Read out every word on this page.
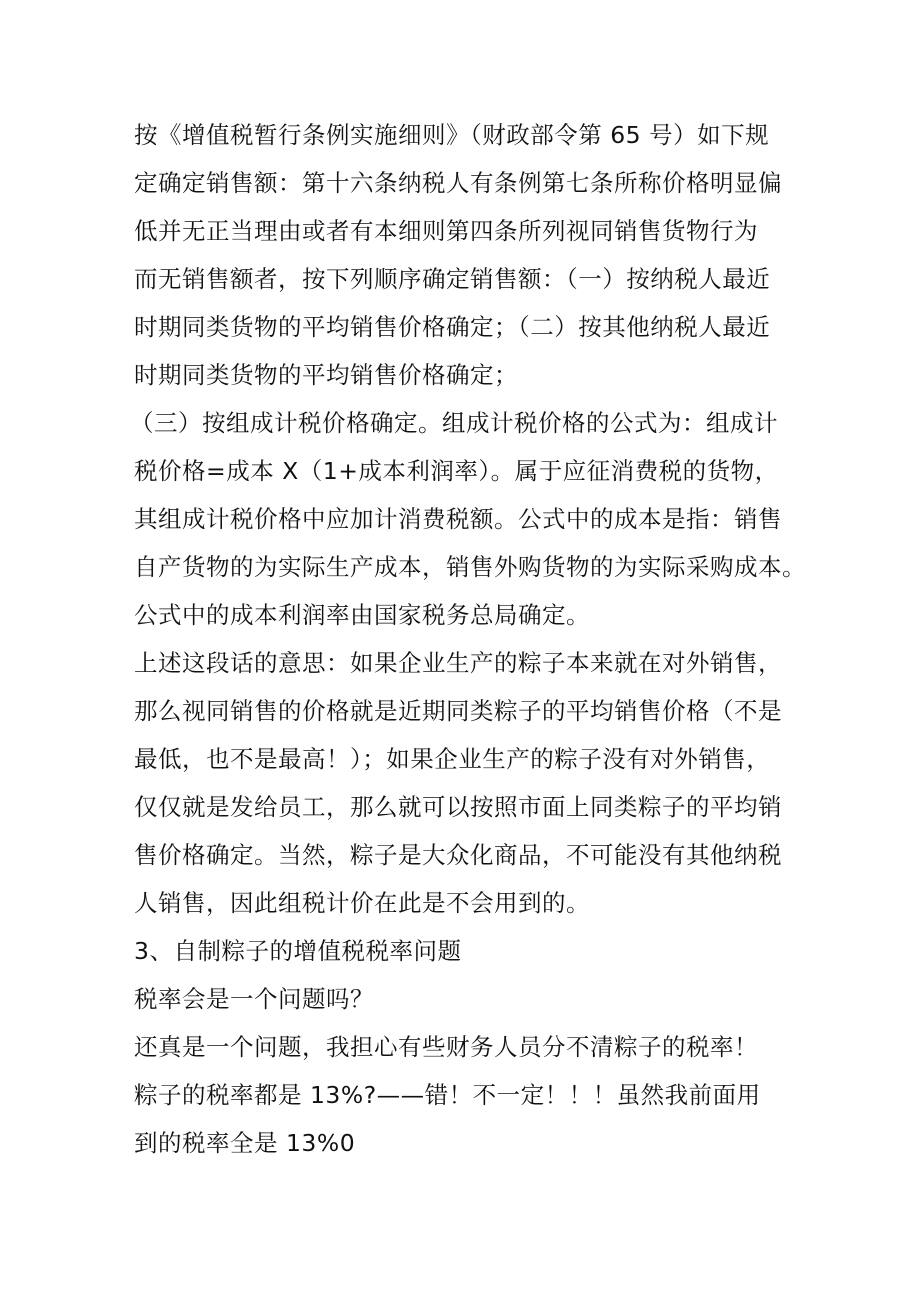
按《增值税暂行条例实施细则》（财政部令第 65 号）如下规
定确定销售额：第十六条纳税人有条例第七条所称价格明显偏
低并无正当理由或者有本细则第四条所列视同销售货物行为
而无销售额者，按下列顺序确定销售额：（一）按纳税人最近
时期同类货物的平均销售价格确定；（二）按其他纳税人最近
时期同类货物的平均销售价格确定；
（三）按组成计税价格确定。组成计税价格的公式为：组成计
税价格=成本 X（1+成本利润率）。属于应征消费税的货物，
其组成计税价格中应加计消费税额。公式中的成本是指：销售
自产货物的为实际生产成本，销售外购货物的为实际采购成本。
公式中的成本利润率由国家税务总局确定。
上述这段话的意思：如果企业生产的粽子本来就在对外销售，
那么视同销售的价格就是近期同类粽子的平均销售价格（不是
最低，也不是最高！）；如果企业生产的粽子没有对外销售，
仅仅就是发给员工，那么就可以按照市面上同类粽子的平均销
售价格确定。当然，粽子是大众化商品，不可能没有其他纳税
人销售，因此组税计价在此是不会用到的。
3、自制粽子的增值税税率问题
税率会是一个问题吗？
还真是一个问题，我担心有些财务人员分不清粽子的税率！
粽子的税率都是 13%?——错！不一定！！！虽然我前面用
到的税率全是 13%0
